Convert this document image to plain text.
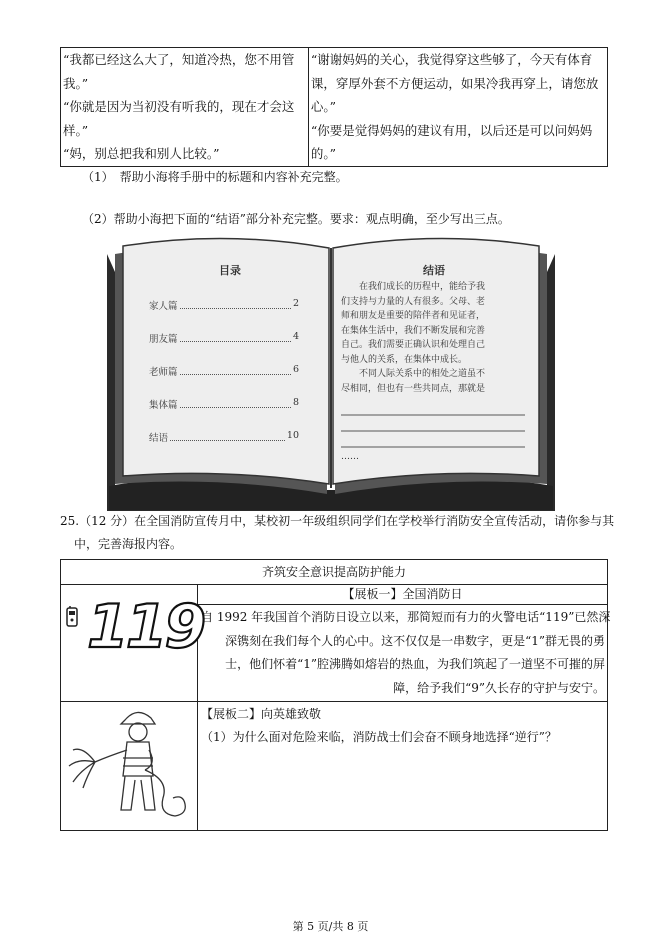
“我都已经这么大了，知道冷热，您不用管
我。”
“你就是因为当初没有听我的，现在才会这
样。”
“妈，别总把我和别人比较。”

“谢谢妈妈的关心，我觉得穿这些够了，今天有体育
课，穿厚外套不方便运动，如果冷我再穿上，请您放
心。”
“你要是觉得妈妈的建议有用，以后还是可以问妈妈
的。”
（1）　帮助小海将手册中的标题和内容补充完整。
（2）帮助小海把下面的“结语”部分补充完整。要求：观点明确，至少写出三点。
目录
家人篇	2
朋友篇	4
老师篇	6
集体篇	8
结语	10
结语
在我们成长的历程中，能给予我
们支持与力量的人有很多。父母、老
师和朋友是重要的陪伴者和见证者，
在集体生活中，我们不断发展和完善
自己。我们需要正确认识和处理自己
与他人的关系，在集体中成长。
不同人际关系中的相处之道虽不
尽相同，但也有一些共同点，那就是
……
25.（12 分）在全国消防宣传月中，某校初一年级组织同学们在学校举行消防安全宣传活动，请你参与其
中，完善海报内容。
齐筑安全意识提高防护能力
119	【展板一】全国消防日
自 1992 年我国首个消防日设立以来，那简短而有力的火警电话“119”已然深
深镌刻在我们每个人的心中。这不仅仅是一串数字，更是“1”群无畏的勇
士，他们怀着“1”腔沸腾如熔岩的热血，为我们筑起了一道坚不可摧的屏
障，给予我们“9”久长存的守护与安宁。
【展板二】向英雄致敬
（1）为什么面对危险来临，消防战士们会奋不顾身地选择“逆行”？
第 5 页/共 8 页
